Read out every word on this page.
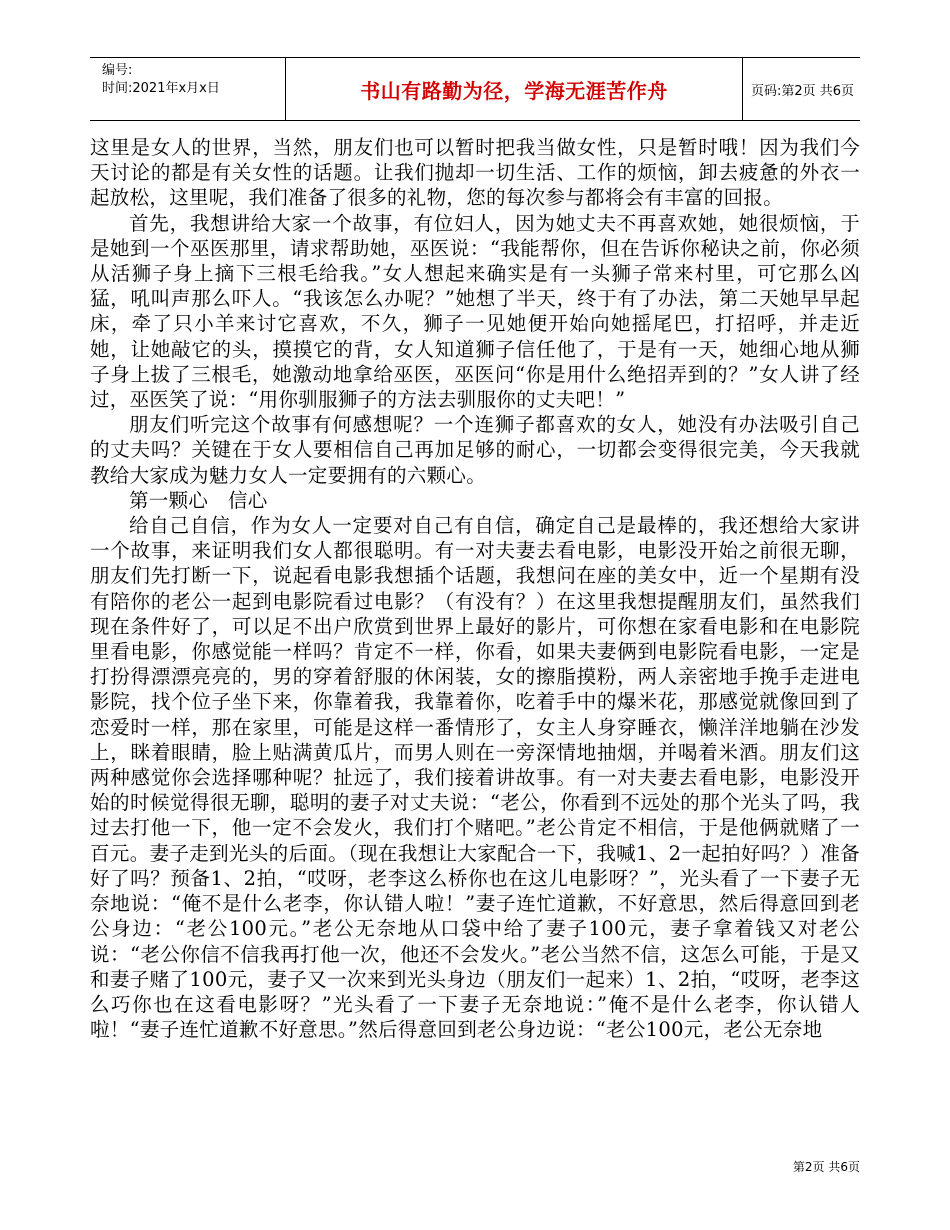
编号:
时间:2021年x月x日	书山有路勤为径，学海无涯苦作舟	页码:第2页 共6页

这里是女人的世界，当然，朋友们也可以暂时把我当做女性，只是暂时哦！因为我们今天讨论的都是有关女性的话题。让我们抛却一切生活、工作的烦恼，卸去疲惫的外衣一起放松，这里呢，我们准备了很多的礼物，您的每次参与都将会有丰富的回报。

首先，我想讲给大家一个故事，有位妇人，因为她丈夫不再喜欢她，她很烦恼，于是她到一个巫医那里，请求帮助她，巫医说：“我能帮你，但在告诉你秘诀之前，你必须从活狮子身上摘下三根毛给我。”女人想起来确实是有一头狮子常来村里，可它那么凶猛，吼叫声那么吓人。“我该怎么办呢？”她想了半天，终于有了办法，第二天她早早起床，牵了只小羊来讨它喜欢，不久，狮子一见她便开始向她摇尾巴，打招呼，并走近她，让她敲它的头，摸摸它的背，女人知道狮子信任他了，于是有一天，她细心地从狮子身上拔了三根毛，她激动地拿给巫医，巫医问“你是用什么绝招弄到的？”女人讲了经过，巫医笑了说：“用你驯服狮子的方法去驯服你的丈夫吧！”

朋友们听完这个故事有何感想呢？一个连狮子都喜欢的女人，她没有办法吸引自己的丈夫吗？关键在于女人要相信自己再加足够的耐心，一切都会变得很完美，今天我就教给大家成为魅力女人一定要拥有的六颗心。

第一颗心　信心

给自己自信，作为女人一定要对自己有自信，确定自己是最棒的，我还想给大家讲一个故事，来证明我们女人都很聪明。有一对夫妻去看电影，电影没开始之前很无聊，朋友们先打断一下，说起看电影我想插个话题，我想问在座的美女中，近一个星期有没有陪你的老公一起到电影院看过电影？（有没有？）在这里我想提醒朋友们，虽然我们现在条件好了，可以足不出户欣赏到世界上最好的影片，可你想在家看电影和在电影院里看电影，你感觉能一样吗？肯定不一样，你看，如果夫妻俩到电影院看电影，一定是打扮得漂漂亮亮的，男的穿着舒服的休闲装，女的擦脂摸粉，两人亲密地手挽手走进电影院，找个位子坐下来，你靠着我，我靠着你，吃着手中的爆米花，那感觉就像回到了恋爱时一样，那在家里，可能是这样一番情形了，女主人身穿睡衣，懒洋洋地躺在沙发上，眯着眼睛，脸上贴满黄瓜片，而男人则在一旁深情地抽烟，并喝着米酒。朋友们这两种感觉你会选择哪种呢？扯远了，我们接着讲故事。有一对夫妻去看电影，电影没开始的时候觉得很无聊，聪明的妻子对丈夫说：“老公，你看到不远处的那个光头了吗，我过去打他一下，他一定不会发火，我们打个赌吧。”老公肯定不相信，于是他俩就赌了一百元。妻子走到光头的后面。（现在我想让大家配合一下，我喊1、2一起拍好吗？）准备好了吗？预备1、2拍，“哎呀，老李这么桥你也在这儿电影呀？”，光头看了一下妻子无奈地说：“俺不是什么老李，你认错人啦！”妻子连忙道歉，不好意思，然后得意回到老公身边：“老公100元。”老公无奈地从口袋中给了妻子100元，妻子拿着钱又对老公说：“老公你信不信我再打他一次，他还不会发火。”老公当然不信，这怎么可能，于是又和妻子赌了100元，妻子又一次来到光头身边（朋友们一起来）1、2拍，“哎呀，老李这么巧你也在这看电影呀？”光头看了一下妻子无奈地说：”俺不是什么老李，你认错人啦！“妻子连忙道歉不好意思。”然后得意回到老公身边说：“老公100元，老公无奈地

第2页 共6页
